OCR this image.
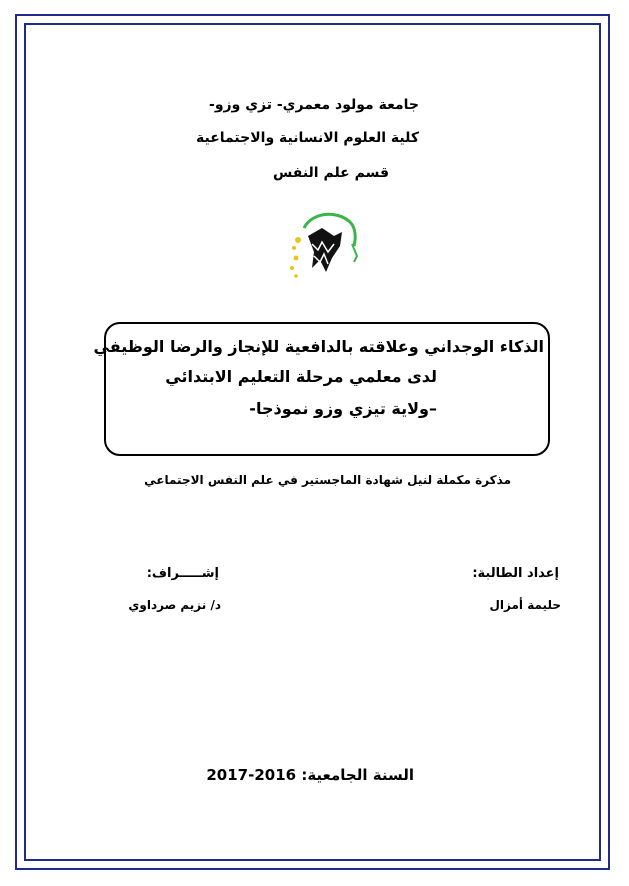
جامعة مولود معمري- تزي وزو-
كلية العلوم الانسانية والاجتماعية
قسم علم النفس
الذكاء الوجداني وعلاقته بالدافعية للإنجاز والرضا الوظيفي
لدى معلمي مرحلة التعليم الابتدائي
–ولاية تيزي وزو نموذجا-
مذكرة مكملة لنيل شهادة الماجستير في علم النفس الاجتماعي
إعداد الطالبة:
إشـــــراف:
حليمة أمزال
د/ نزيم صرداوي
السنة الجامعية: 2016-2017
